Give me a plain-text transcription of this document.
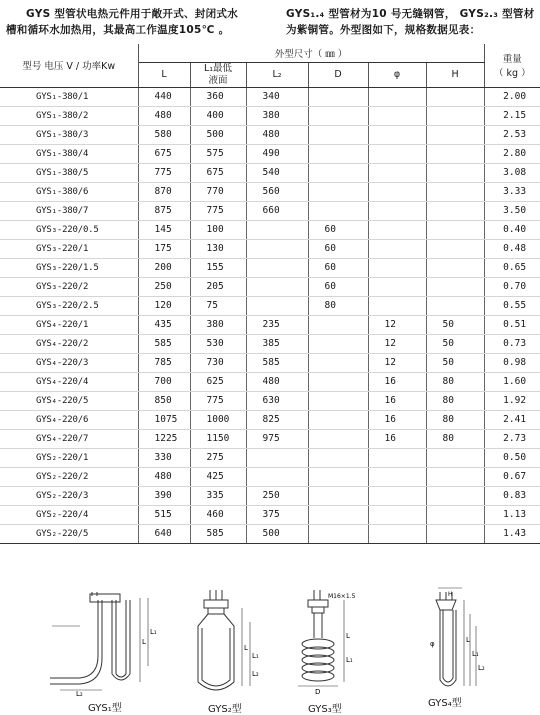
GYS 型管状电热元件用于敞开式、封闭式水
槽和循环水加热用，其最高工作温度105℃ 。
GYS₁.₄ 型管材为10 号无缝钢管， GYS₂.₃ 型管材
为紫铜管。外型图如下，规格数据见表：
型号 电压 V / 功率Kw	外型尺寸（ ㎜ ）						重量
（ kg ）

	L	L₁最低
液面	L₂	D	φ	H	
GYS₁-380/1	440	360	340				2.00
GYS₁-380/2	480	400	380				2.15
GYS₁-380/3	580	500	480				2.53
GYS₁-380/4	675	575	490				2.80
GYS₁-380/5	775	675	540				3.08
GYS₁-380/6	870	770	560				3.33
GYS₁-380/7	875	775	660				3.50
GYS₃-220/0.5	145	100		60			0.40
GYS₃-220/1	175	130		60			0.48
GYS₃-220/1.5	200	155		60			0.65
GYS₃-220/2	250	205		60			0.70
GYS₃-220/2.5	120	75		80			0.55
GYS₄-220/1	435	380	235		12	50	0.51
GYS₄-220/2	585	530	385		12	50	0.73
GYS₄-220/3	785	730	585		12	50	0.98
GYS₄-220/4	700	625	480		16	80	1.60
GYS₄-220/5	850	775	630		16	80	1.92
GYS₄-220/6	1075	1000	825		16	80	2.41
GYS₄-220/7	1225	1150	975		16	80	2.73
GYS₂-220/1	330	275					0.50
GYS₂-220/2	480	425					0.67
GYS₂-220/3	390	335	250				0.83
GYS₂-220/4	515	460	375				1.13
GYS₂-220/5	640	585	500				1.43
L
L₁
L₂
GYS₁型
L
L₁
L₂
GYS₂型
M16×1.5
L
L₁
D
GYS₃型
H
L
L₁
L₂
φ
GYS₄型
